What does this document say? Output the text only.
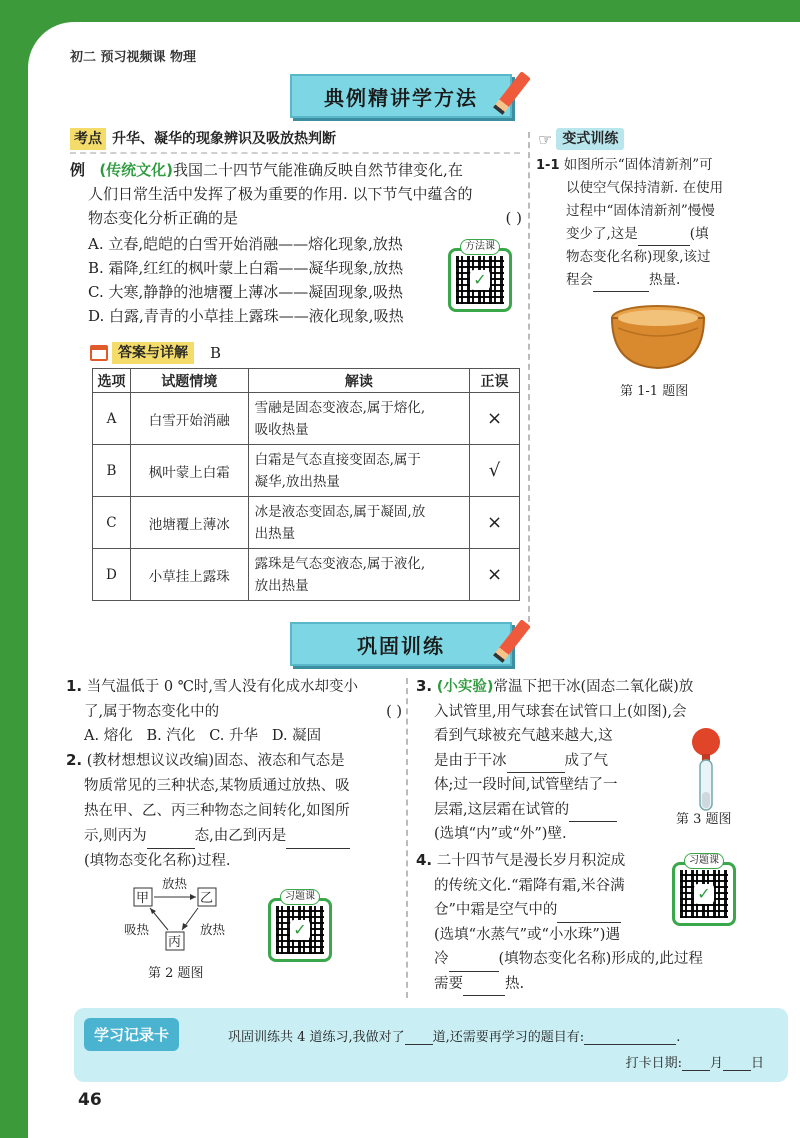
初二 预习视频课 物理
典例精讲学方法
考点 升华、凝华的现象辨识及吸放热判断
例 (传统文化)我国二十四节气能准确反映自然节律变化,在
人们日常生活中发挥了极为重要的作用. 以下节气中蕴含的
物态变化分析正确的是	( )
A. 立春,皑皑的白雪开始消融——熔化现象,放热
B. 霜降,红红的枫叶蒙上白霜——凝华现象,放热
C. 大寒,静静的池塘覆上薄冰——凝固现象,吸热
D. 白露,青青的小草挂上露珠——液化现象,吸热
方法课
✓
答案与详解	B
选项	试题情境	解读	正误
A	白雪开始消融	雪融是固态变液态,属于熔化,
吸收热量	×
B	枫叶蒙上白霜	白霜是气态直接变固态,属于
凝华,放出热量	√
C	池塘覆上薄冰	冰是液态变固态,属于凝固,放
出热量	×
D	小草挂上露珠	露珠是气态变液态,属于液化,
放出热量	×
☞ 变式训练
1-1 如图所示“固体清新剂”可
以使空气保持清新. 在使用
过程中“固体清新剂”慢慢
变少了,这是	(填
物态变化名称)现象,该过
程会	热量.
第 1-1 题图
巩固训练
1. 当气温低于 0 ℃时,雪人没有化成水却变小
了,属于物态变化中的	( )
A. 熔化   B. 汽化   C. 升华   D. 凝固
2. (教材想想议议改编)固态、液态和气态是
物质常见的三种状态,某物质通过放热、吸
热在甲、乙、丙三种物态之间转化,如图所
示,则丙为	态,由乙到丙是
(填物态变化名称)过程.
甲	乙
丙
放热
吸热	放热
第 2 题图
习题课
✓
3. (小实验)常温下把干冰(固态二氧化碳)放
入试管里,用气球套在试管口上(如图),会
看到气球被充气越来越大,这
是由于干冰	成了气
体;过一段时间,试管壁结了一
层霜,这层霜在试管的
(选填“内”或“外”)壁.
第 3 题图
4. 二十四节气是漫长岁月积淀成
的传统文化.“霜降有霜,米谷满
仓”中霜是空气中的
(选填“水蒸气”或“小水珠”)遇
冷	(填物态变化名称)形成的,此过程
需要	热.
习题课
✓
学习记录卡	巩固训练共 4 道练习,我做对了 道,还需要再学习的题目有:	.
打卡日期: 月 日
46
